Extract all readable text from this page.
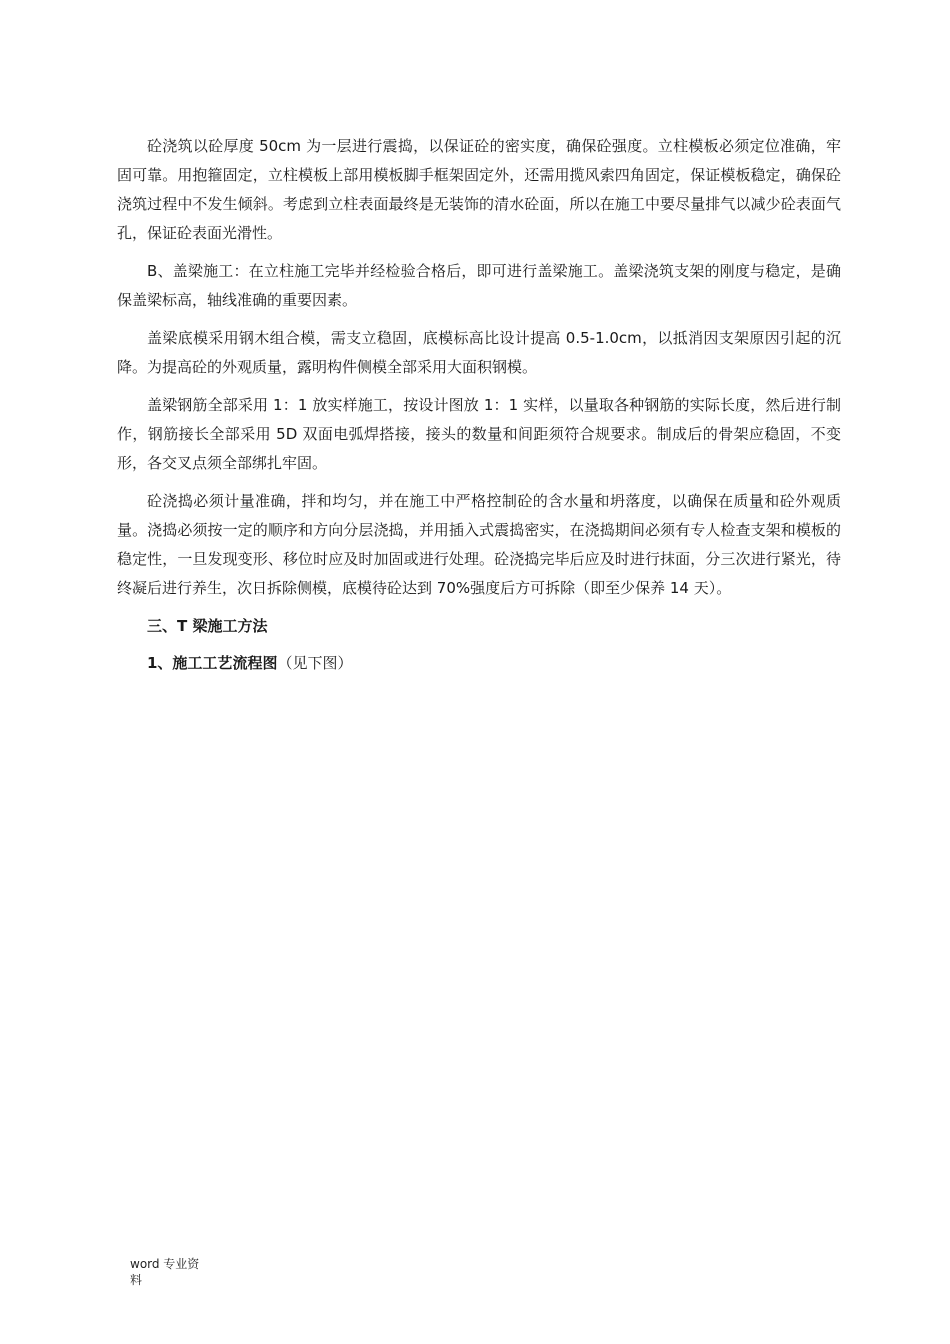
砼浇筑以砼厚度 50cm 为一层进行震捣，以保证砼的密实度，确保砼强度。立柱模板必须定位准确，牢固可靠。用抱箍固定，立柱模板上部用模板脚手框架固定外，还需用揽风索四角固定，保证模板稳定，确保砼浇筑过程中不发生倾斜。考虑到立柱表面最终是无装饰的清水砼面，所以在施工中要尽量排气以减少砼表面气孔，保证砼表面光滑性。

B、盖梁施工：在立柱施工完毕并经检验合格后，即可进行盖梁施工。盖梁浇筑支架的刚度与稳定，是确保盖梁标高，轴线准确的重要因素。

盖梁底模采用钢木组合模，需支立稳固，底模标高比设计提高 0.5-1.0cm，以抵消因支架原因引起的沉降。为提高砼的外观质量，露明构件侧模全部采用大面积钢模。

盖梁钢筋全部采用 1：1 放实样施工，按设计图放 1：1 实样，以量取各种钢筋的实际长度，然后进行制作，钢筋接长全部采用 5D 双面电弧焊搭接，接头的数量和间距须符合规要求。制成后的骨架应稳固，不变形，各交叉点须全部绑扎牢固。

砼浇捣必须计量准确，拌和均匀，并在施工中严格控制砼的含水量和坍落度，以确保在质量和砼外观质量。浇捣必须按一定的顺序和方向分层浇捣，并用插入式震捣密实，在浇捣期间必须有专人检查支架和模板的稳定性，一旦发现变形、移位时应及时加固或进行处理。砼浇捣完毕后应及时进行抹面，分三次进行紧光，待终凝后进行养生，次日拆除侧模，底模待砼达到 70%强度后方可拆除（即至少保养 14 天）。

三、T 梁施工方法

1、施工工艺流程图（见下图）

word 专业资料
